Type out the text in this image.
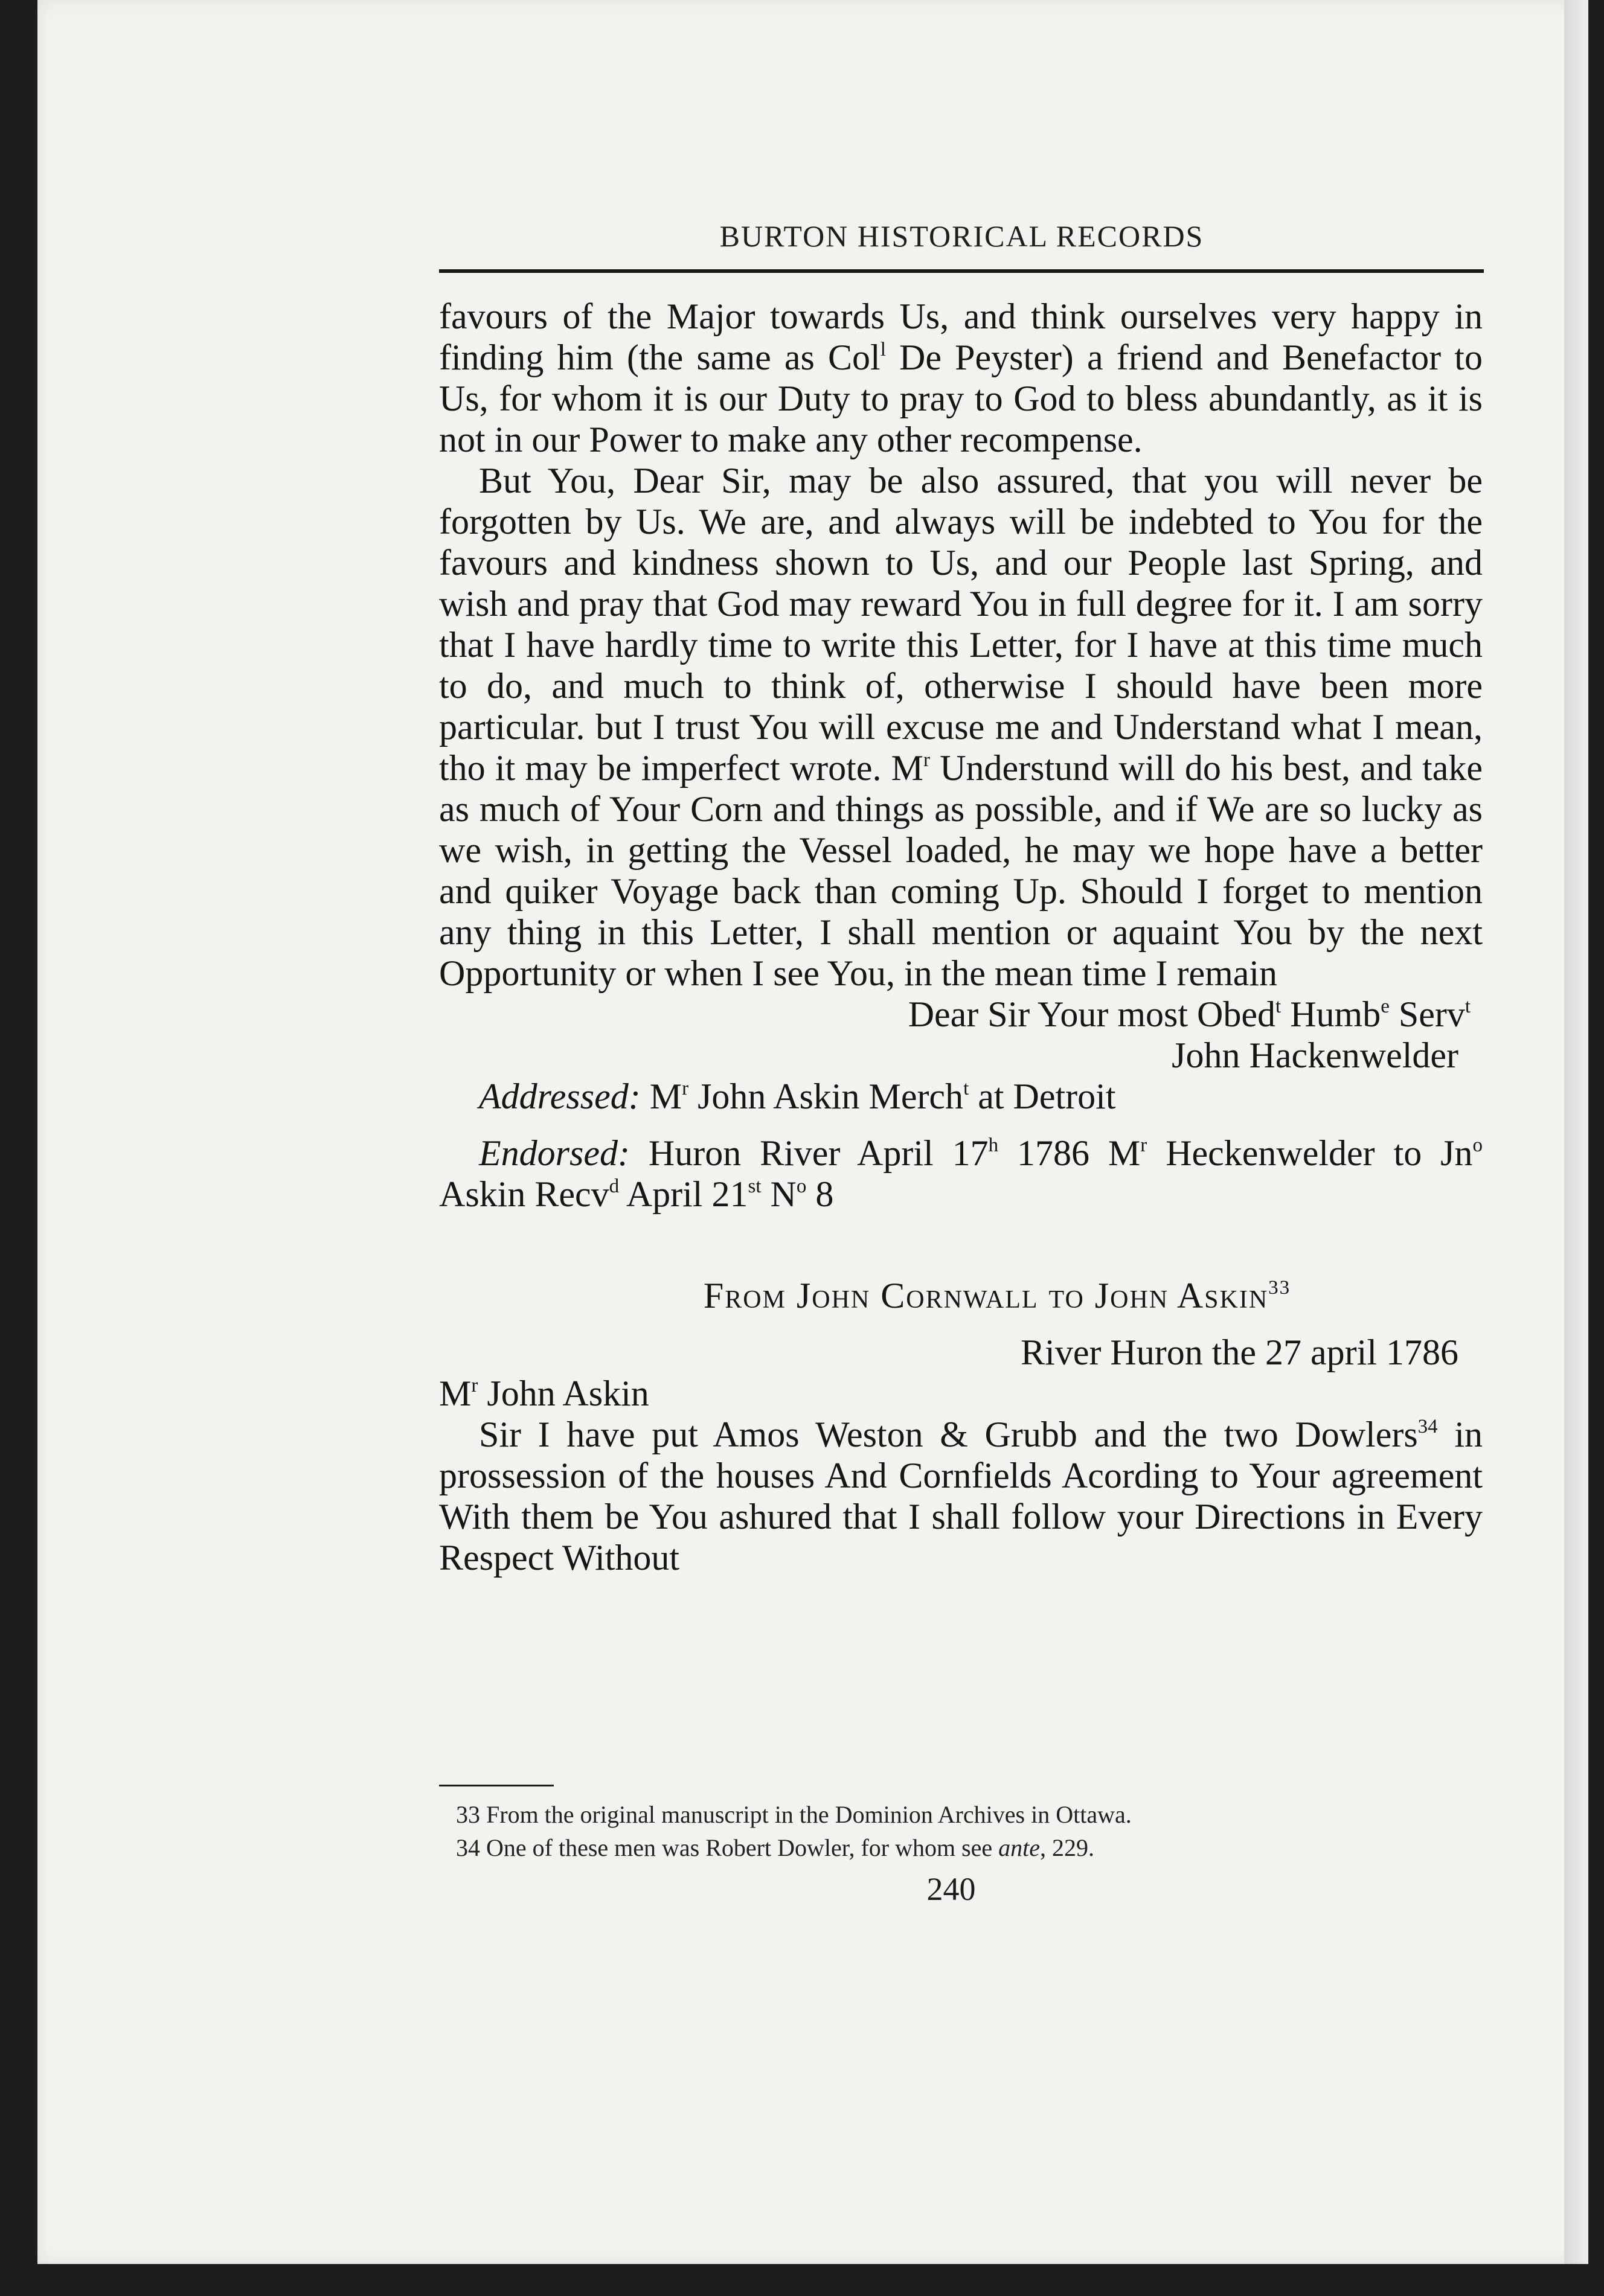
BURTON HISTORICAL RECORDS

favours of the Major towards Us, and think ourselves very happy in finding him (the same as Col$^l$ De Peyster) a friend and Benefactor to Us, for whom it is our Duty to pray to God to bless abundantly, as it is not in our Power to make any other recompense.

But You, Dear Sir, may be also assured, that you will never be forgotten by Us. We are, and always will be indebted to You for the favours and kindness shown to Us, and our People last Spring, and wish and pray that God may reward You in full degree for it. I am sorry that I have hardly time to write this Letter, for I have at this time much to do, and much to think of, otherwise I should have been more particular. but I trust You will excuse me and Understand what I mean, tho it may be imperfect wrote. $M^r$ Understund will do his best, and take as much of Your Corn and things as possible, and if We are so lucky as we wish, in getting the Vessel loaded, he may we hope have a better and quiker Voyage back than coming Up. Should I forget to mention any thing in this Letter, I shall mention or aquaint You by the next Opportunity or when I see You, in the mean time I remain

Dear Sir Your most Obed$^t$ Humb$^e$ Serv$^t$

John Hackenwelder

Addressed: $M^r$ John Askin Merch$^t$ at Detroit

Endorsed: Huron River April 17$^h$ 1786 $M^r$ Heckenwelder to Jn$^o$ Askin Recv$^d$ April 21st $N^o$ 8

From John Cornwall to John Askin$^{33}$

River Huron the 27 april 1786

$M^r$ John Askin

Sir I have put Amos Weston & Grubb and the two Dowlers$^{34}$ in prossession of the houses And Cornfields Acording to Your agreement With them be You ashured that I shall follow your Directions in Every Respect Without

33 From the original manuscript in the Dominion Archives in Ottawa.

34 One of these men was Robert Dowler, for whom see ante, 229.

240
